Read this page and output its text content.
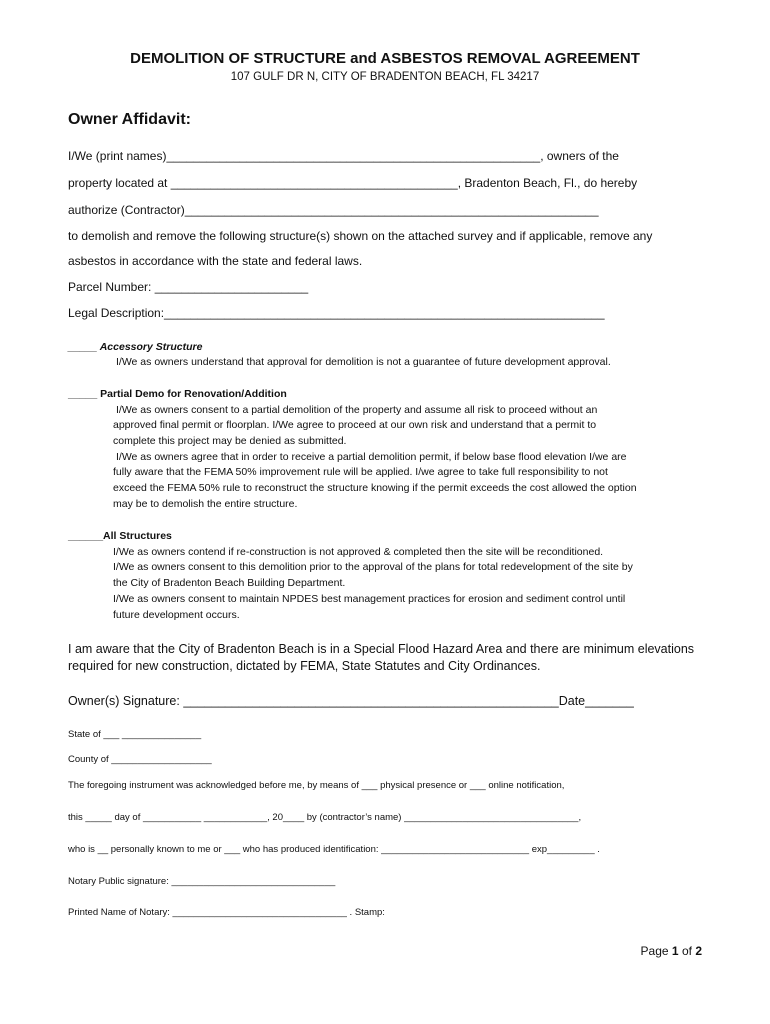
DEMOLITION OF STRUCTURE and ASBESTOS REMOVAL AGREEMENT
107 GULF DR N, CITY OF BRADENTON BEACH, FL 34217
Owner Affidavit:
I/We (print names)________________________________________________________, owners of the
property located at ___________________________________________, Bradenton Beach, Fl., do hereby
authorize (Contractor)______________________________________________________________
to demolish and remove the following structure(s) shown on the attached survey and if applicable, remove any
asbestos in accordance with the state and federal laws.
Parcel Number: _______________________
Legal Description:__________________________________________________________________
_____ Accessory Structure
I/We as owners understand that approval for demolition is not a guarantee of future development approval.
_____ Partial Demo for Renovation/Addition
I/We as owners consent to a partial demolition of the property and assume all risk to proceed without an
approved final permit or floorplan. I/We agree to proceed at our own risk and understand that a permit to
complete this project may be denied as submitted.
I/We as owners agree that in order to receive a partial demolition permit, if below base flood elevation I/we are
fully aware that the FEMA 50% improvement rule will be applied. I/we agree to take full responsibility to not
exceed the FEMA 50% rule to reconstruct the structure knowing if the permit exceeds the cost allowed the option
may be to demolish the entire structure.
______All Structures
I/We as owners contend if re-construction is not approved & completed then the site will be reconditioned.
I/We as owners consent to this demolition prior to the approval of the plans for total redevelopment of the site by
the City of Bradenton Beach Building Department.
I/We as owners consent to maintain NPDES best management practices for erosion and sediment control until
future development occurs.
I am aware that the City of Bradenton Beach is in a Special Flood Hazard Area and there are minimum elevations
required for new construction, dictated by FEMA, State Statutes and City Ordinances.
Owner(s) Signature: ______________________________________________________Date_______
State of ___ _______________
County of ___________________
The foregoing instrument was acknowledged before me, by means of ___ physical presence or ___ online notification,
this _____ day of ___________ ____________, 20____ by (contractor’s name) _________________________________,
who is __ personally known to me or ___ who has produced identification: ____________________________ exp_________ .
Notary Public signature: _______________________________
Printed Name of Notary: _________________________________ . Stamp:
Page 1 of 2
